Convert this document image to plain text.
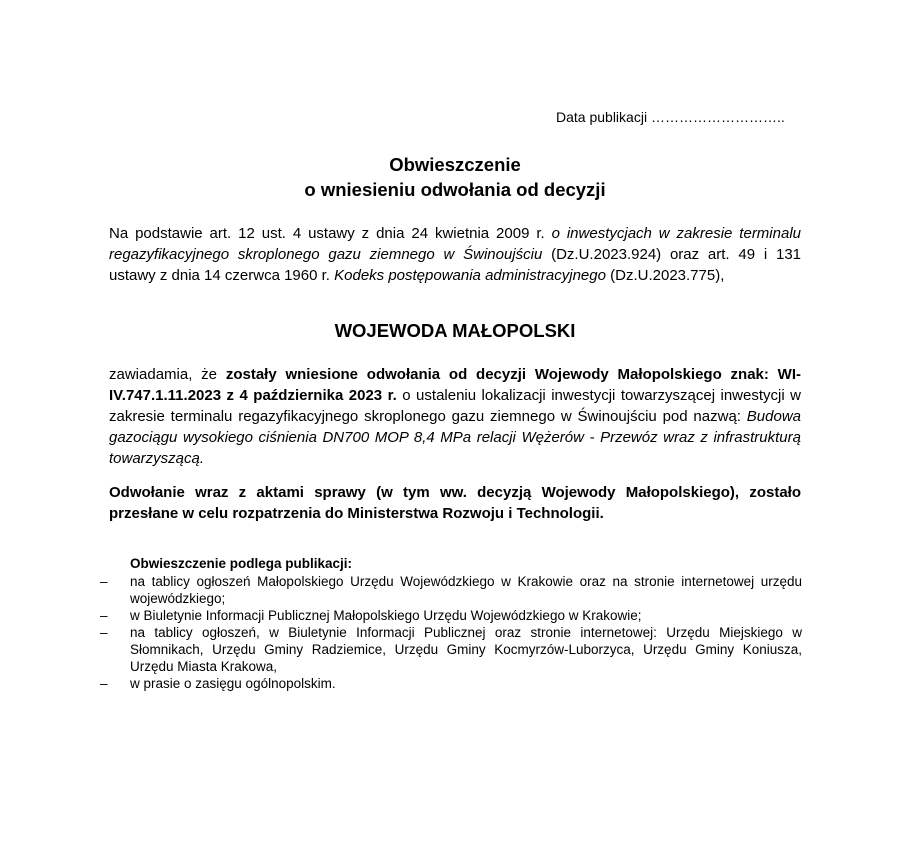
Data publikacji ………………………..
Obwieszczenie
o wniesieniu odwołania od decyzji
Na podstawie art. 12 ust. 4 ustawy z dnia 24 kwietnia 2009 r. o inwestycjach w zakresie terminalu regazyfikacyjnego skroplonego gazu ziemnego w Świnoujściu (Dz.U.2023.924) oraz art. 49 i 131 ustawy z dnia 14 czerwca 1960 r. Kodeks postępowania administracyjnego (Dz.U.2023.775),
WOJEWODA MAŁOPOLSKI
zawiadamia, że zostały wniesione odwołania od decyzji Wojewody Małopolskiego znak: WI-IV.747.1.11.2023 z 4 października 2023 r. o ustaleniu lokalizacji inwestycji towarzyszącej inwestycji w zakresie terminalu regazyfikacyjnego skroplonego gazu ziemnego w Świnoujściu pod nazwą: Budowa gazociągu wysokiego ciśnienia DN700 MOP 8,4 MPa relacji Wężerów - Przewóz wraz z infrastrukturą towarzyszącą.
Odwołanie wraz z aktami sprawy (w tym ww. decyzją Wojewody Małopolskiego), zostało przesłane w celu rozpatrzenia do Ministerstwa Rozwoju i Technologii.
Obwieszczenie podlega publikacji:
– na tablicy ogłoszeń Małopolskiego Urzędu Wojewódzkiego w Krakowie oraz na stronie internetowej urzędu wojewódzkiego;
– w Biuletynie Informacji Publicznej Małopolskiego Urzędu Wojewódzkiego w Krakowie;
– na tablicy ogłoszeń, w Biuletynie Informacji Publicznej oraz stronie internetowej: Urzędu Miejskiego w Słomnikach, Urzędu Gminy Radziemice, Urzędu Gminy Kocmyrzów-Luborzyca, Urzędu Gminy Koniusza, Urzędu Miasta Krakowa,
– w prasie o zasięgu ogólnopolskim.
